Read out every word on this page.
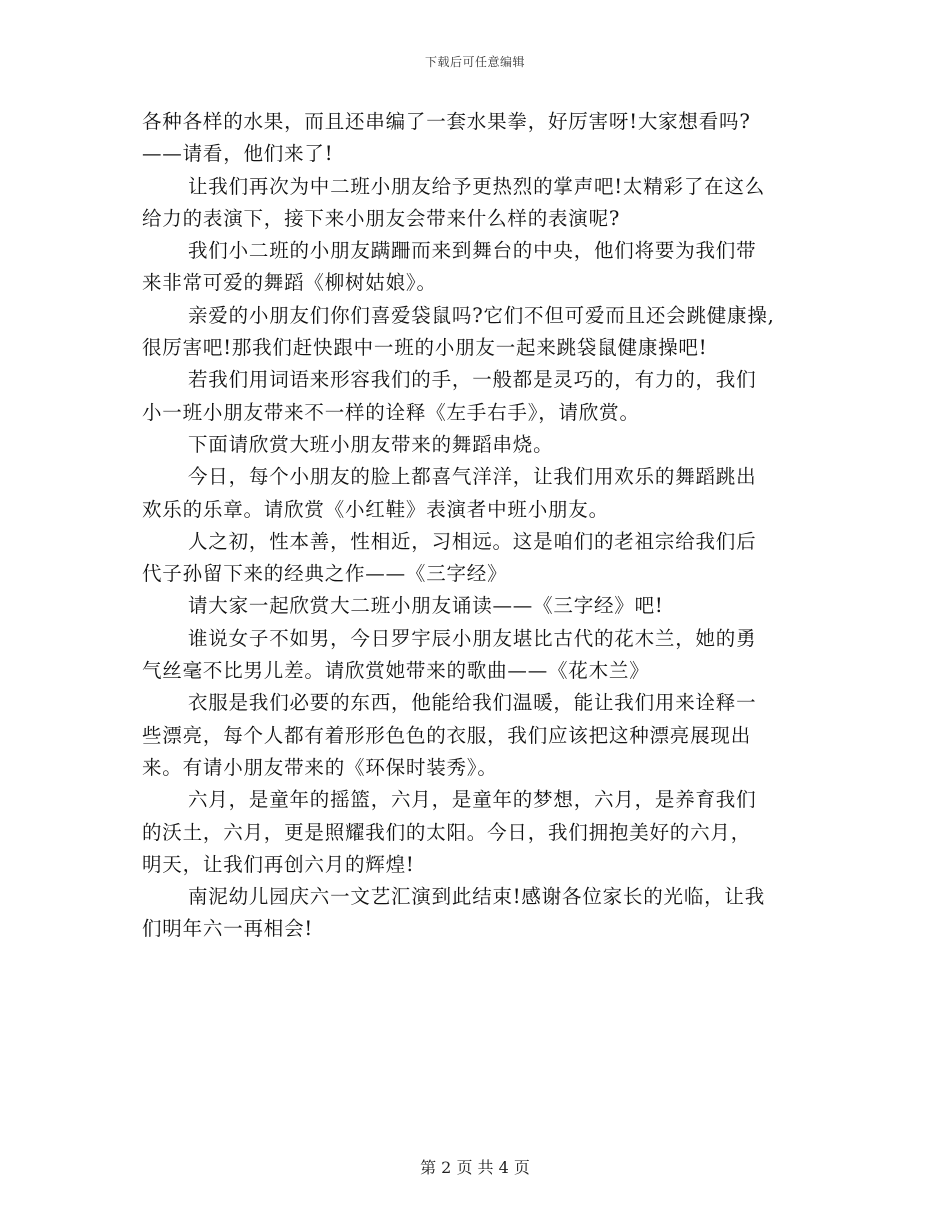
下载后可任意编辑
各种各样的水果，而且还串编了一套水果拳，好厉害呀!大家想看吗?
——请看，他们来了!
让我们再次为中二班小朋友给予更热烈的掌声吧!太精彩了在这么
给力的表演下，接下来小朋友会带来什么样的表演呢?
我们小二班的小朋友蹒跚而来到舞台的中央，他们将要为我们带
来非常可爱的舞蹈《柳树姑娘》。
亲爱的小朋友们你们喜爱袋鼠吗?它们不但可爱而且还会跳健康操,
很厉害吧!那我们赶快跟中一班的小朋友一起来跳袋鼠健康操吧!
若我们用词语来形容我们的手，一般都是灵巧的，有力的，我们
小一班小朋友带来不一样的诠释《左手右手》，请欣赏。
下面请欣赏大班小朋友带来的舞蹈串烧。
今日，每个小朋友的脸上都喜气洋洋，让我们用欢乐的舞蹈跳出
欢乐的乐章。请欣赏《小红鞋》表演者中班小朋友。
人之初，性本善，性相近，习相远。这是咱们的老祖宗给我们后
代子孙留下来的经典之作——《三字经》
请大家一起欣赏大二班小朋友诵读——《三字经》吧!
谁说女子不如男，今日罗宇辰小朋友堪比古代的花木兰，她的勇
气丝毫不比男儿差。请欣赏她带来的歌曲——《花木兰》
衣服是我们必要的东西，他能给我们温暖，能让我们用来诠释一
些漂亮，每个人都有着形形色色的衣服，我们应该把这种漂亮展现出
来。有请小朋友带来的《环保时装秀》。
六月，是童年的摇篮，六月，是童年的梦想，六月，是养育我们
的沃土，六月，更是照耀我们的太阳。今日，我们拥抱美好的六月，
明天，让我们再创六月的辉煌!
南泥幼儿园庆六一文艺汇演到此结束!感谢各位家长的光临，让我
们明年六一再相会!
第 2 页 共 4 页
